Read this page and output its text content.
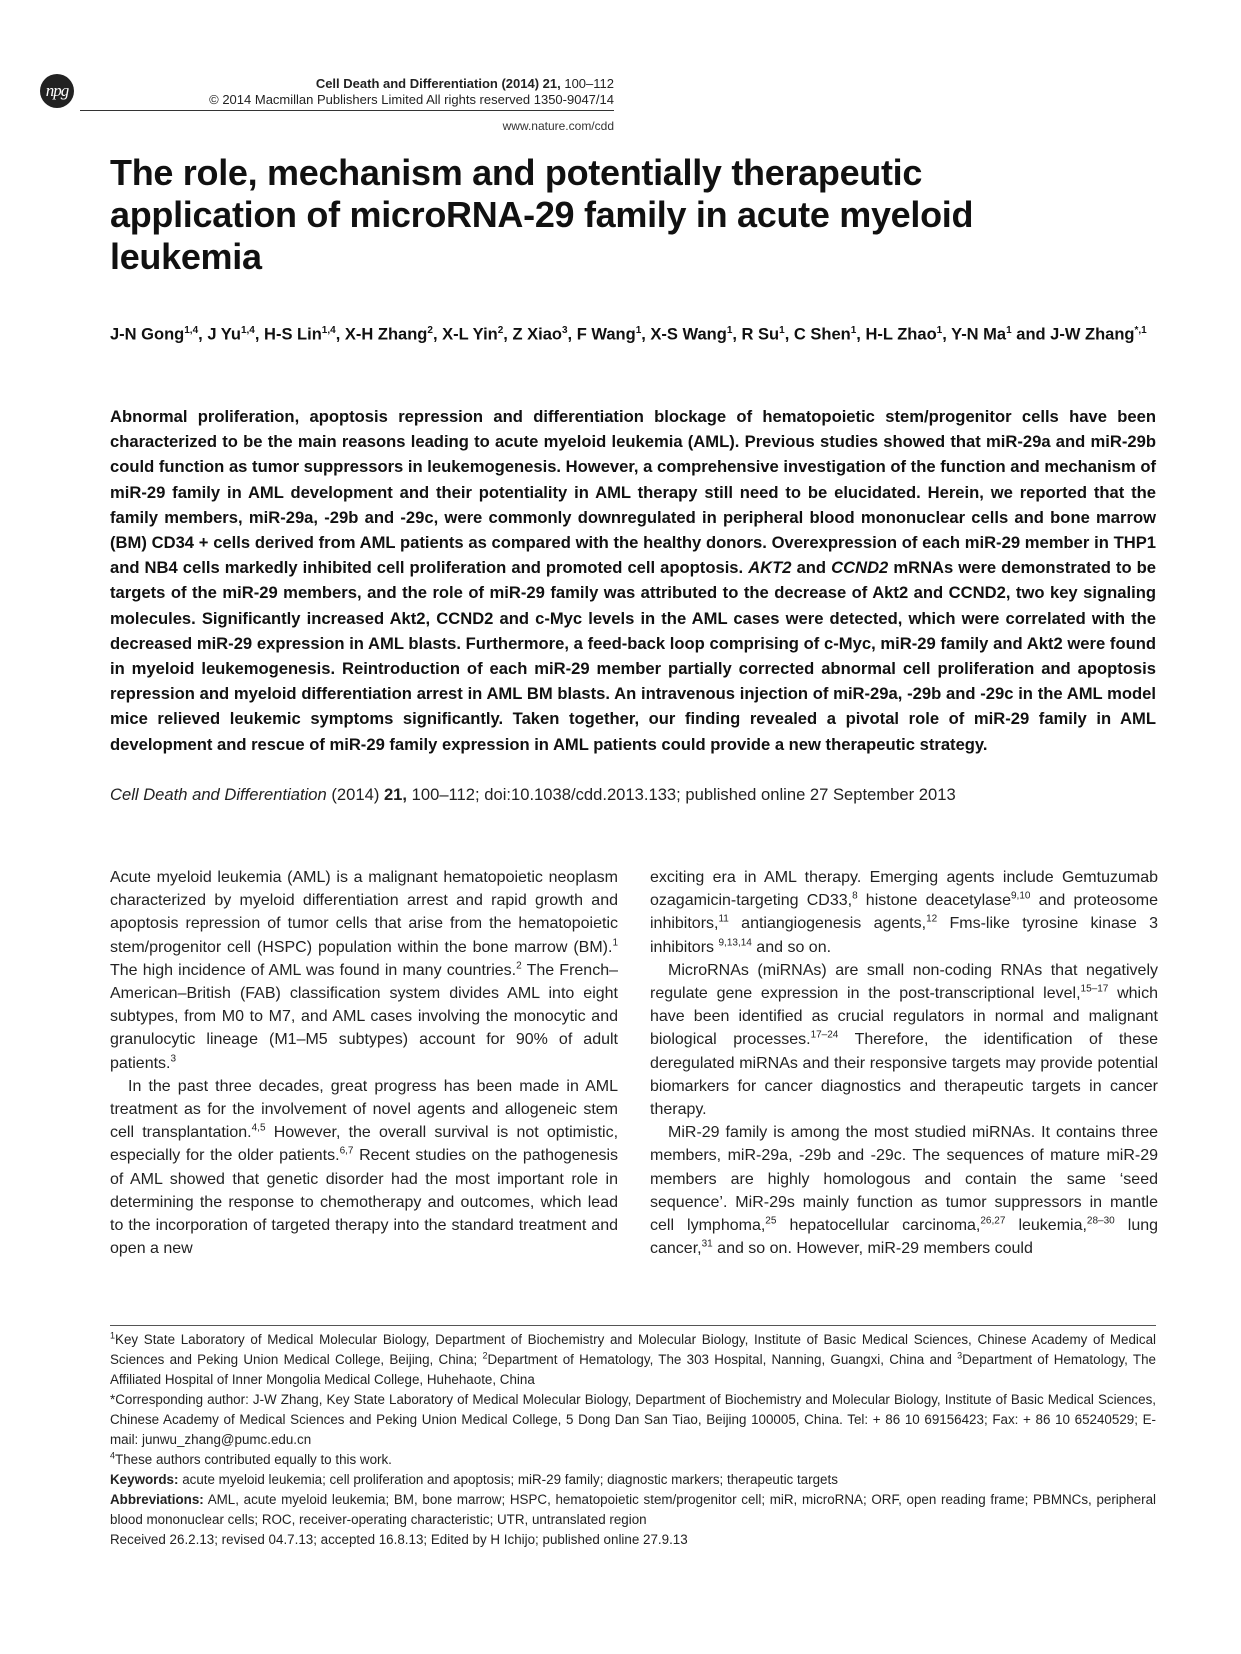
npg	Cell Death and Differentiation (2014) 21, 100–112
© 2014 Macmillan Publishers Limited All rights reserved 1350-9047/14
www.nature.com/cdd
The role, mechanism and potentially therapeutic application of microRNA-29 family in acute myeloid leukemia
J-N Gong$^{1,4}$, J Yu$^{1,4}$, H-S Lin$^{1,4}$, X-H Zhang$^2$, X-L Yin$^2$, Z Xiao$^3$, F Wang$^1$, X-S Wang$^1$, R Su$^1$, C Shen$^1$, H-L Zhao$^1$, Y-N Ma$^1$ and J-W Zhang$^{*,1}$

Abnormal proliferation, apoptosis repression and differentiation blockage of hematopoietic stem/progenitor cells have been characterized to be the main reasons leading to acute myeloid leukemia (AML). Previous studies showed that miR-29a and miR-29b could function as tumor suppressors in leukemogenesis. However, a comprehensive investigation of the function and mechanism of miR-29 family in AML development and their potentiality in AML therapy still need to be elucidated. Herein, we reported that the family members, miR-29a, -29b and -29c, were commonly downregulated in peripheral blood mononuclear cells and bone marrow (BM) CD34 + cells derived from AML patients as compared with the healthy donors. Overexpression of each miR-29 member in THP1 and NB4 cells markedly inhibited cell proliferation and promoted cell apoptosis. AKT2 and CCND2 mRNAs were demonstrated to be targets of the miR-29 members, and the role of miR-29 family was attributed to the decrease of Akt2 and CCND2, two key signaling molecules. Significantly increased Akt2, CCND2 and c-Myc levels in the AML cases were detected, which were correlated with the decreased miR-29 expression in AML blasts. Furthermore, a feed-back loop comprising of c-Myc, miR-29 family and Akt2 were found in myeloid leukemogenesis. Reintroduction of each miR-29 member partially corrected abnormal cell proliferation and apoptosis repression and myeloid differentiation arrest in AML BM blasts. An intravenous injection of miR-29a, -29b and -29c in the AML model mice relieved leukemic symptoms significantly. Taken together, our finding revealed a pivotal role of miR-29 family in AML development and rescue of miR-29 family expression in AML patients could provide a new therapeutic strategy.

Cell Death and Differentiation (2014) 21, 100–112; doi:10.1038/cdd.2013.133; published online 27 September 2013

Acute myeloid leukemia (AML) is a malignant hematopoietic neoplasm characterized by myeloid differentiation arrest and rapid growth and apoptosis repression of tumor cells that arise from the hematopoietic stem/progenitor cell (HSPC) population within the bone marrow (BM).$^1$ The high incidence of AML was found in many countries.$^2$ The French–American–British (FAB) classification system divides AML into eight subtypes, from M0 to M7, and AML cases involving the monocytic and granulocytic lineage (M1–M5 subtypes) account for 90% of adult patients.$^3$

In the past three decades, great progress has been made in AML treatment as for the involvement of novel agents and allogeneic stem cell transplantation.$^{4,5}$ However, the overall survival is not optimistic, especially for the older patients.$^{6,7}$ Recent studies on the pathogenesis of AML showed that genetic disorder had the most important role in determining the response to chemotherapy and outcomes, which lead to the incorporation of targeted therapy into the standard treatment and open a new

exciting era in AML therapy. Emerging agents include Gemtuzumab ozagamicin-targeting CD33,$^8$ histone deacetylase$^{9,10}$ and proteosome inhibitors,$^{11}$ antiangiogenesis agents,$^{12}$ Fms-like tyrosine kinase 3 inhibitors $^{9,13,14}$ and so on.

MicroRNAs (miRNAs) are small non-coding RNAs that negatively regulate gene expression in the post-transcriptional level,$^{15-17}$ which have been identified as crucial regulators in normal and malignant biological processes.$^{17-24}$ Therefore, the identification of these deregulated miRNAs and their responsive targets may provide potential biomarkers for cancer diagnostics and therapeutic targets in cancer therapy.

MiR-29 family is among the most studied miRNAs. It contains three members, miR-29a, -29b and -29c. The sequences of mature miR-29 members are highly homologous and contain the same ‘seed sequence’. MiR-29s mainly function as tumor suppressors in mantle cell lymphoma,$^{25}$ hepatocellular carcinoma,$^{26,27}$ leukemia,$^{28-30}$ lung cancer,$^{31}$ and so on. However, miR-29 members could

$^1$Key State Laboratory of Medical Molecular Biology, Department of Biochemistry and Molecular Biology, Institute of Basic Medical Sciences, Chinese Academy of Medical Sciences and Peking Union Medical College, Beijing, China; $^2$Department of Hematology, The 303 Hospital, Nanning, Guangxi, China and $^3$Department of Hematology, The Affiliated Hospital of Inner Mongolia Medical College, Huhehaote, China

*Corresponding author: J-W Zhang, Key State Laboratory of Medical Molecular Biology, Department of Biochemistry and Molecular Biology, Institute of Basic Medical Sciences, Chinese Academy of Medical Sciences and Peking Union Medical College, 5 Dong Dan San Tiao, Beijing 100005, China. Tel: + 86 10 69156423; Fax: + 86 10 65240529; E-mail: junwu_zhang@pumc.edu.cn

$^4$These authors contributed equally to this work.

Keywords: acute myeloid leukemia; cell proliferation and apoptosis; miR-29 family; diagnostic markers; therapeutic targets

Abbreviations: AML, acute myeloid leukemia; BM, bone marrow; HSPC, hematopoietic stem/progenitor cell; miR, microRNA; ORF, open reading frame; PBMNCs, peripheral blood mononuclear cells; ROC, receiver-operating characteristic; UTR, untranslated region

Received 26.2.13; revised 04.7.13; accepted 16.8.13; Edited by H Ichijo; published online 27.9.13
